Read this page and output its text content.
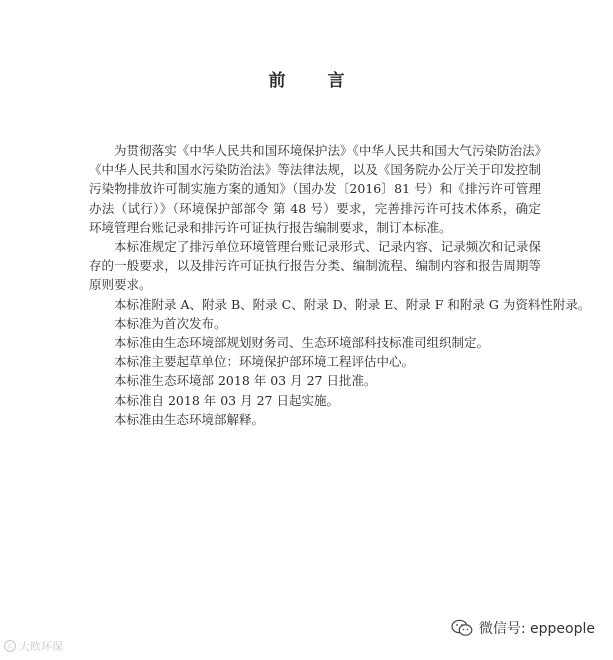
前 言

为贯彻落实《中华人民共和国环境保护法》《中华人民共和国大气污染防治法》《中华人民共和国水污染防治法》等法律法规，以及《国务院办公厅关于印发控制污染物排放许可制实施方案的通知》（国办发〔2016〕81 号）和《排污许可管理办法（试行）》（环境保护部部令 第 48 号）要求，完善排污许可技术体系，确定环境管理台账记录和排污许可证执行报告编制要求，制订本标准。

本标准规定了排污单位环境管理台账记录形式、记录内容、记录频次和记录保存的一般要求，以及排污许可证执行报告分类、编制流程、编制内容和报告周期等原则要求。

本标准附录 A、附录 B、附录 C、附录 D、附录 E、附录 F 和附录 G 为资料性附录。

本标准为首次发布。

本标准由生态环境部规划财务司、生态环境部科技标准司组织制定。

本标准主要起草单位：环境保护部环境工程评估中心。

本标准生态环境部 2018 年 03 月 27 日批准。

本标准自 2018 年 03 月 27 日起实施。

本标准由生态环境部解释。

c 大欧环保
微信号: eppeople
